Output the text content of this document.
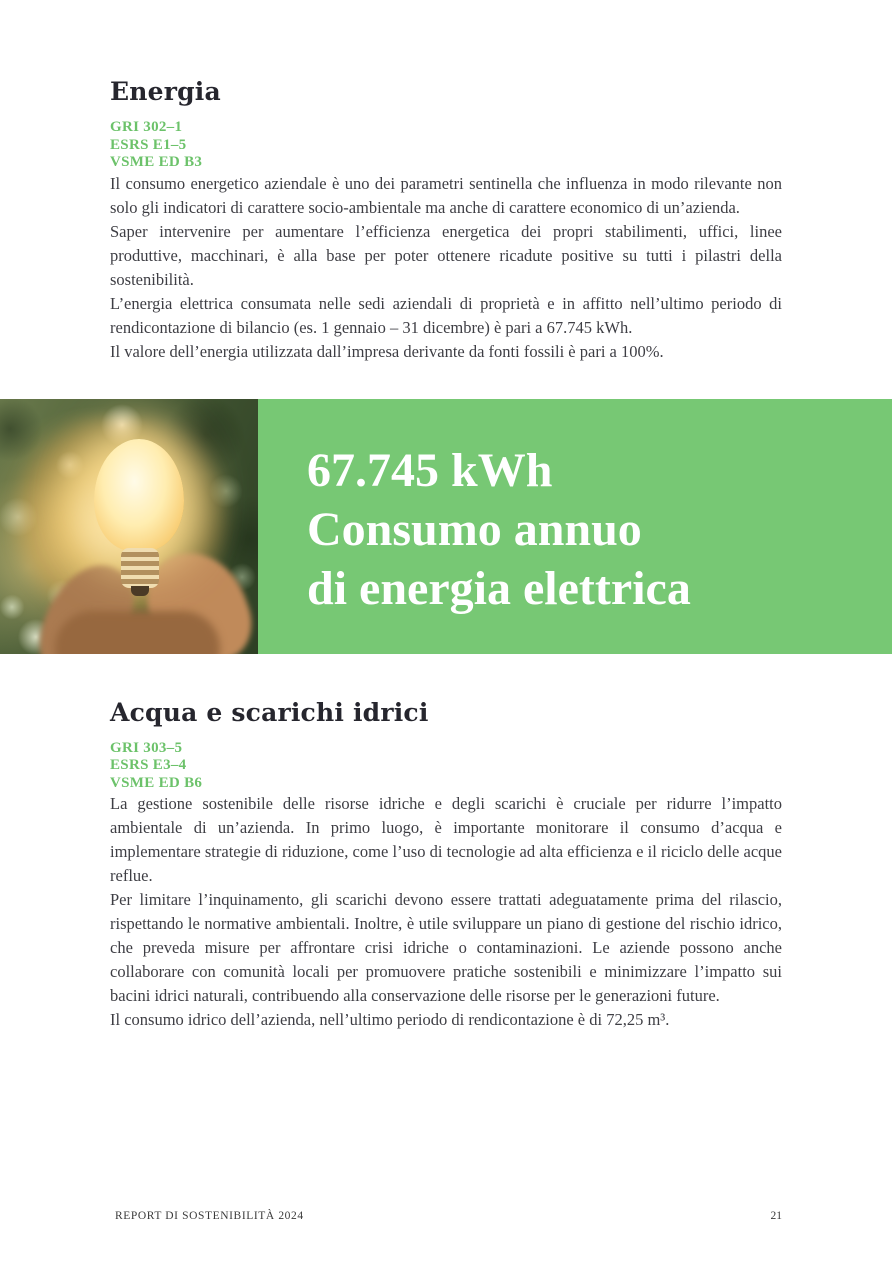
Energia

GRI 302–1

ESRS E1–5

VSME ED B3

Il consumo energetico aziendale è uno dei parametri sentinella che influenza in modo rilevante non solo gli indicatori di carattere socio-ambientale ma anche di carattere economico di un’azienda.

Saper intervenire per aumentare l’efficienza energetica dei propri stabilimenti, uffici, linee produttive, macchinari, è alla base per poter ottenere ricadute positive su tutti i pilastri della sostenibilità.

L’energia elettrica consumata nelle sedi aziendali di proprietà e in affitto nell’ultimo periodo di rendicontazione di bilancio (es. 1 gennaio – 31 dicembre) è pari a 67.745 kWh.

Il valore dell’energia utilizzata dall’impresa derivante da fonti fossili è pari a 100%.

67.745 kWh
Consumo annuo
di energia elettrica
Acqua e scarichi idrici

GRI 303–5

ESRS E3–4

VSME ED B6

La gestione sostenibile delle risorse idriche e degli scarichi è cruciale per ridurre l’impatto ambientale di un’azienda. In primo luogo, è importante monitorare il consumo d’acqua e implementare strategie di riduzione, come l’uso di tecnologie ad alta efficienza e il riciclo delle acque reflue.

Per limitare l’inquinamento, gli scarichi devono essere trattati adeguatamente prima del rilascio, rispettando le normative ambientali. Inoltre, è utile sviluppare un piano di gestione del rischio idrico, che preveda misure per affrontare crisi idriche o contaminazioni. Le aziende possono anche collaborare con comunità locali per promuovere pratiche sostenibili e minimizzare l’impatto sui bacini idrici naturali, contribuendo alla conservazione delle risorse per le generazioni future.

Il consumo idrico dell’azienda, nell’ultimo periodo di rendicontazione è di 72,25 m³.

REPORT DI SOSTENIBILITÀ 2024	21
